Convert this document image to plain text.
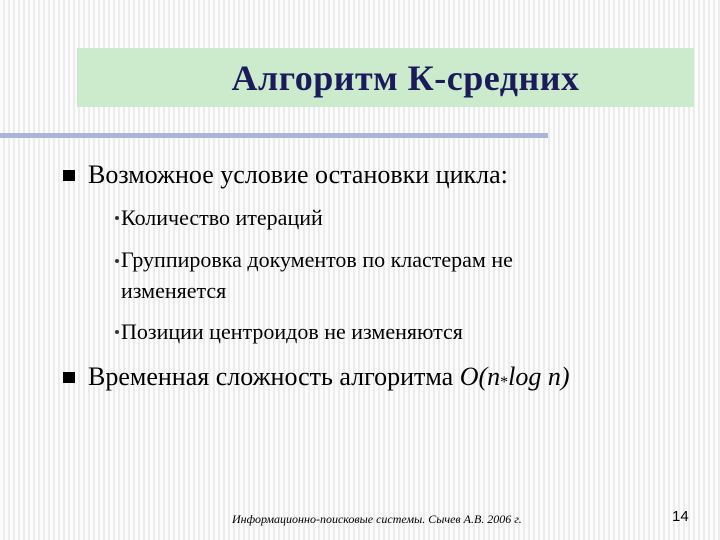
Алгоритм К-средних
Возможное условие остановки цикла:
Количество итераций
Группировка документов по кластерам не
изменяется
Позиции центроидов не изменяются
Временная сложность алгоритма O(n*log n)
Информационно-поисковые системы. Сычев А.В. 2006 г.	14
